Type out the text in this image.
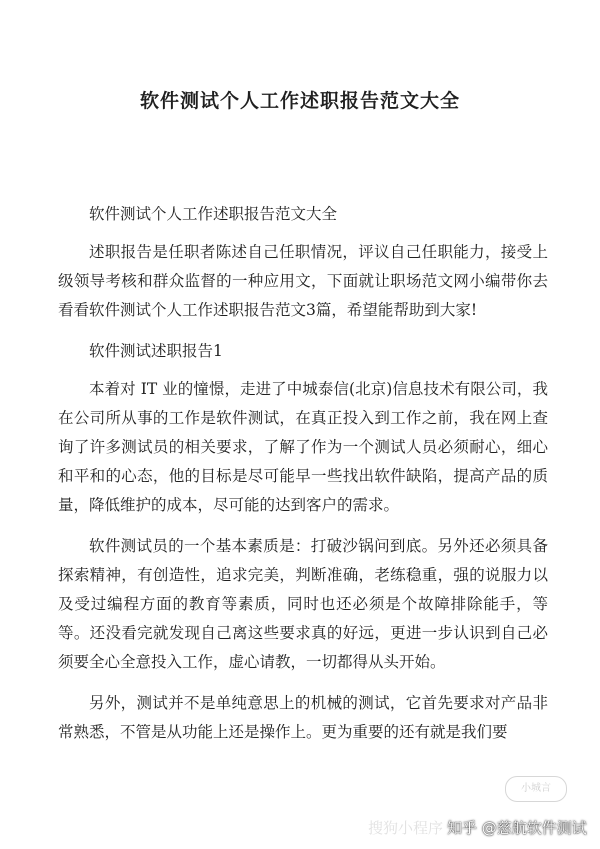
软件测试个人工作述职报告范文大全

软件测试个人工作述职报告范文大全

述职报告是任职者陈述自己任职情况，评议自己任职能力，接受上级领导考核和群众监督的一种应用文，下面就让职场范文网小编带你去看看软件测试个人工作述职报告范文3篇，希望能帮助到大家!

软件测试述职报告1

本着对 IT 业的憧憬，走进了中城泰信(北京)信息技术有限公司，我在公司所从事的工作是软件测试，在真正投入到工作之前，我在网上查询了许多测试员的相关要求，了解了作为一个测试人员必须耐心，细心和平和的心态，他的目标是尽可能早一些找出软件缺陷，提高产品的质量，降低维护的成本，尽可能的达到客户的需求。

软件测试员的一个基本素质是：打破沙锅问到底。另外还必须具备探索精神，有创造性，追求完美，判断准确，老练稳重，强的说服力以及受过编程方面的教育等素质，同时也还必须是个故障排除能手，等等。还没看完就发现自己离这些要求真的好远，更进一步认识到自己必须要全心全意投入工作，虚心请教，一切都得从头开始。

另外，测试并不是单纯意思上的机械的测试，它首先要求对产品非常熟悉，不管是从功能上还是操作上。更为重要的还有就是我们要

小城言
搜狗小程序 知乎 @慈航软件测试
